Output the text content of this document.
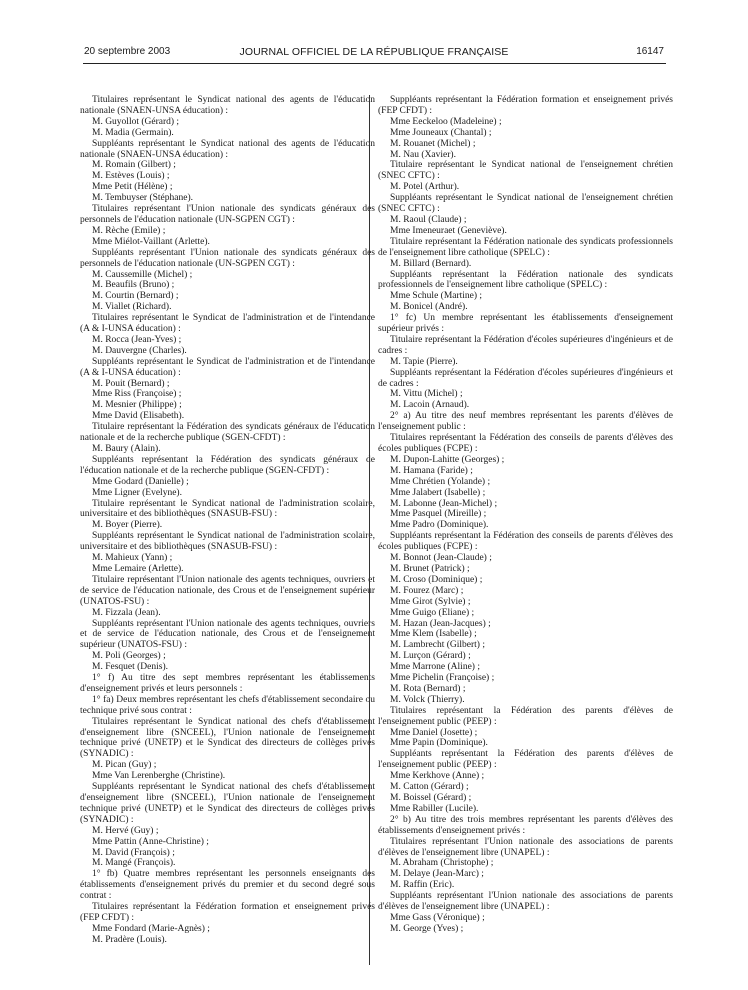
20 septembre 2003	JOURNAL OFFICIEL DE LA RÉPUBLIQUE FRANÇAISE	16147
Titulaires représentant le Syndicat national des agents de l'éducation nationale (SNAEN-UNSA éducation) :
M. Guyollot (Gérard) ;
M. Madia (Germain).
Suppléants représentant le Syndicat national des agents de l'éducation nationale (SNAEN-UNSA éducation) :
M. Romain (Gilbert) ;
M. Estèves (Louis) ;
Mme Petit (Hélène) ;
M. Tembuyser (Stéphane).
Titulaires représentant l'Union nationale des syndicats généraux des personnels de l'éducation nationale (UN-SGPEN CGT) :
M. Rèche (Emile) ;
Mme Miélot-Vaillant (Arlette).
Suppléants représentant l'Union nationale des syndicats généraux des personnels de l'éducation nationale (UN-SGPEN CGT) :
M. Caussemille (Michel) ;
M. Beaufils (Bruno) ;
M. Courtin (Bernard) ;
M. Viallet (Richard).
Titulaires représentant le Syndicat de l'administration et de l'intendance (A & I-UNSA éducation) :
M. Rocca (Jean-Yves) ;
M. Dauvergne (Charles).
Suppléants représentant le Syndicat de l'administration et de l'intendance (A & I-UNSA éducation) :
M. Pouit (Bernard) ;
Mme Riss (Françoise) ;
M. Mesnier (Philippe) ;
Mme David (Elisabeth).
Titulaire représentant la Fédération des syndicats généraux de l'éducation nationale et de la recherche publique (SGEN-CFDT) :
M. Baury (Alain).
Suppléants représentant la Fédération des syndicats généraux de l'éducation nationale et de la recherche publique (SGEN-CFDT) :
Mme Godard (Danielle) ;
Mme Ligner (Evelyne).
Titulaire représentant le Syndicat national de l'administration scolaire, universitaire et des bibliothèques (SNASUB-FSU) :
M. Boyer (Pierre).
Suppléants représentant le Syndicat national de l'administration scolaire, universitaire et des bibliothèques (SNASUB-FSU) :
M. Mahieux (Yann) ;
Mme Lemaire (Arlette).
Titulaire représentant l'Union nationale des agents techniques, ouvriers et de service de l'éducation nationale, des Crous et de l'enseignement supérieur (UNATOS-FSU) :
M. Fizzala (Jean).
Suppléants représentant l'Union nationale des agents techniques, ouvriers et de service de l'éducation nationale, des Crous et de l'enseignement supérieur (UNATOS-FSU) :
M. Poli (Georges) ;
M. Fesquet (Denis).
1° f) Au titre des sept membres représentant les établissements d'enseignement privés et leurs personnels :
1° fa) Deux membres représentant les chefs d'établissement secondaire ou technique privé sous contrat :
Titulaires représentant le Syndicat national des chefs d'établissement d'enseignement libre (SNCEEL), l'Union nationale de l'enseignement technique privé (UNETP) et le Syndicat des directeurs de collèges privés (SYNADIC) :
M. Pican (Guy) ;
Mme Van Lerenberghe (Christine).
Suppléants représentant le Syndicat national des chefs d'établissement d'enseignement libre (SNCEEL), l'Union nationale de l'enseignement technique privé (UNETP) et le Syndicat des directeurs de collèges privés (SYNADIC) :
M. Hervé (Guy) ;
Mme Pattin (Anne-Christine) ;
M. David (François) ;
M. Mangé (François).
1° fb) Quatre membres représentant les personnels enseignants des établissements d'enseignement privés du premier et du second degré sous contrat :
Titulaires représentant la Fédération formation et enseignement privés (FEP CFDT) :
Mme Fondard (Marie-Agnès) ;
M. Pradère (Louis).
Suppléants représentant la Fédération formation et enseignement privés (FEP CFDT) :
Mme Eeckeloo (Madeleine) ;
Mme Jouneaux (Chantal) ;
M. Rouanet (Michel) ;
M. Nau (Xavier).
Titulaire représentant le Syndicat national de l'enseignement chrétien (SNEC CFTC) :
M. Potel (Arthur).
Suppléants représentant le Syndicat national de l'enseignement chrétien (SNEC CFTC) :
M. Raoul (Claude) ;
Mme Imeneuraet (Geneviève).
Titulaire représentant la Fédération nationale des syndicats professionnels de l'enseignement libre catholique (SPELC) :
M. Billard (Bernard).
Suppléants représentant la Fédération nationale des syndicats professionnels de l'enseignement libre catholique (SPELC) :
Mme Schule (Martine) ;
M. Bonicel (André).
1° fc) Un membre représentant les établissements d'enseignement supérieur privés :
Titulaire représentant la Fédération d'écoles supérieures d'ingénieurs et de cadres :
M. Tapie (Pierre).
Suppléants représentant la Fédération d'écoles supérieures d'ingénieurs et de cadres :
M. Vittu (Michel) ;
M. Lacoin (Arnaud).
2° a) Au titre des neuf membres représentant les parents d'élèves de l'enseignement public :
Titulaires représentant la Fédération des conseils de parents d'élèves des écoles publiques (FCPE) :
M. Dupon-Lahitte (Georges) ;
M. Hamana (Faride) ;
Mme Chrétien (Yolande) ;
Mme Jalabert (Isabelle) ;
M. Labonne (Jean-Michel) ;
Mme Pasquel (Mireille) ;
Mme Padro (Dominique).
Suppléants représentant la Fédération des conseils de parents d'élèves des écoles publiques (FCPE) :
M. Bonnot (Jean-Claude) ;
M. Brunet (Patrick) ;
M. Croso (Dominique) ;
M. Fourez (Marc) ;
Mme Girot (Sylvie) ;
Mme Guigo (Eliane) ;
M. Hazan (Jean-Jacques) ;
Mme Klem (Isabelle) ;
M. Lambrecht (Gilbert) ;
M. Lurçon (Gérard) ;
Mme Marrone (Aline) ;
Mme Pichelin (Françoise) ;
M. Rota (Bernard) ;
M. Volck (Thierry).
Titulaires représentant la Fédération des parents d'élèves de l'enseignement public (PEEP) :
Mme Daniel (Josette) ;
Mme Papin (Dominique).
Suppléants représentant la Fédération des parents d'élèves de l'enseignement public (PEEP) :
Mme Kerkhove (Anne) ;
M. Catton (Gérard) ;
M. Boissel (Gérard) ;
Mme Rabiller (Lucile).
2° b) Au titre des trois membres représentant les parents d'élèves des établissements d'enseignement privés :
Titulaires représentant l'Union nationale des associations de parents d'élèves de l'enseignement libre (UNAPEL) :
M. Abraham (Christophe) ;
M. Delaye (Jean-Marc) ;
M. Raffin (Eric).
Suppléants représentant l'Union nationale des associations de parents d'élèves de l'enseignement libre (UNAPEL) :
Mme Gass (Véronique) ;
M. George (Yves) ;
